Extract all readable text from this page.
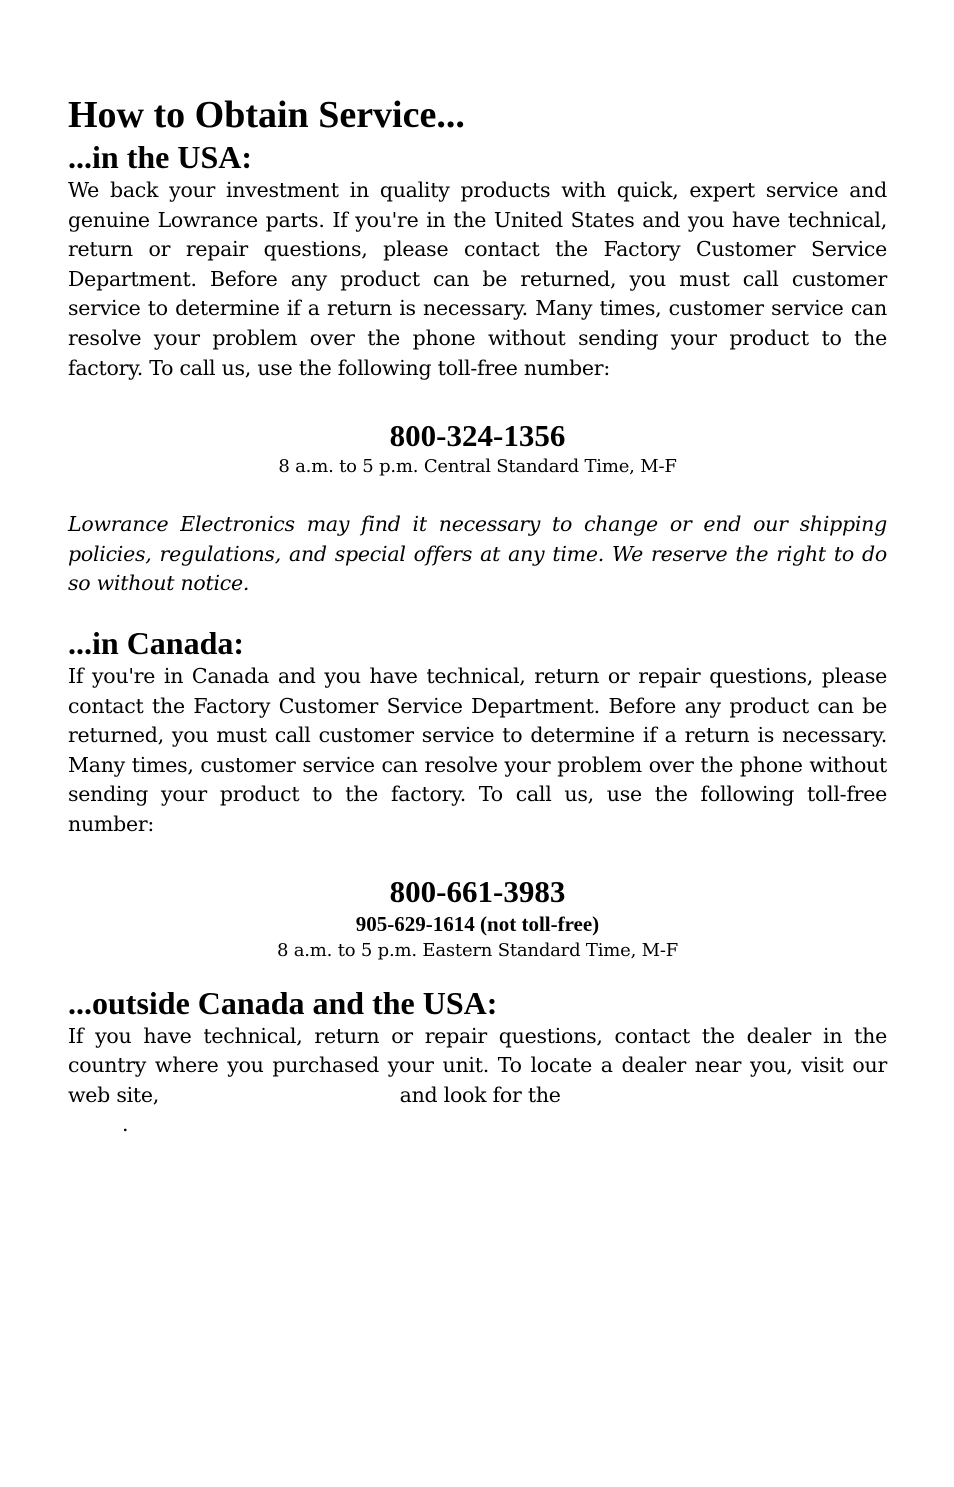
How to Obtain Service...
...in the USA:

We back your investment in quality products with quick, expert service and genuine Lowrance parts. If you're in the United States and you have technical, return or repair questions, please contact the Factory Customer Service Department. Before any product can be returned, you must call customer service to determine if a return is necessary. Many times, customer service can resolve your problem over the phone without sending your product to the factory. To call us, use the following toll-free number:

800-324-1356
8 a.m. to 5 p.m. Central Standard Time, M-F

Lowrance Electronics may find it necessary to change or end our shipping policies, regulations, and special offers at any time. We reserve the right to do so without notice.

...in Canada:

If you're in Canada and you have technical, return or repair questions, please contact the Factory Customer Service Department. Before any product can be returned, you must call customer service to determine if a return is necessary. Many times, customer service can resolve your problem over the phone without sending your product to the factory. To call us, use the following toll-free number:

800-661-3983
905-629-1614 (not toll-free)
8 a.m. to 5 p.m. Eastern Standard Time, M-F
...outside Canada and the USA:

If you have technical, return or repair questions, contact the dealer in the country where you purchased your unit. To locate a dealer near you, visit our web site,	and look for the
.
